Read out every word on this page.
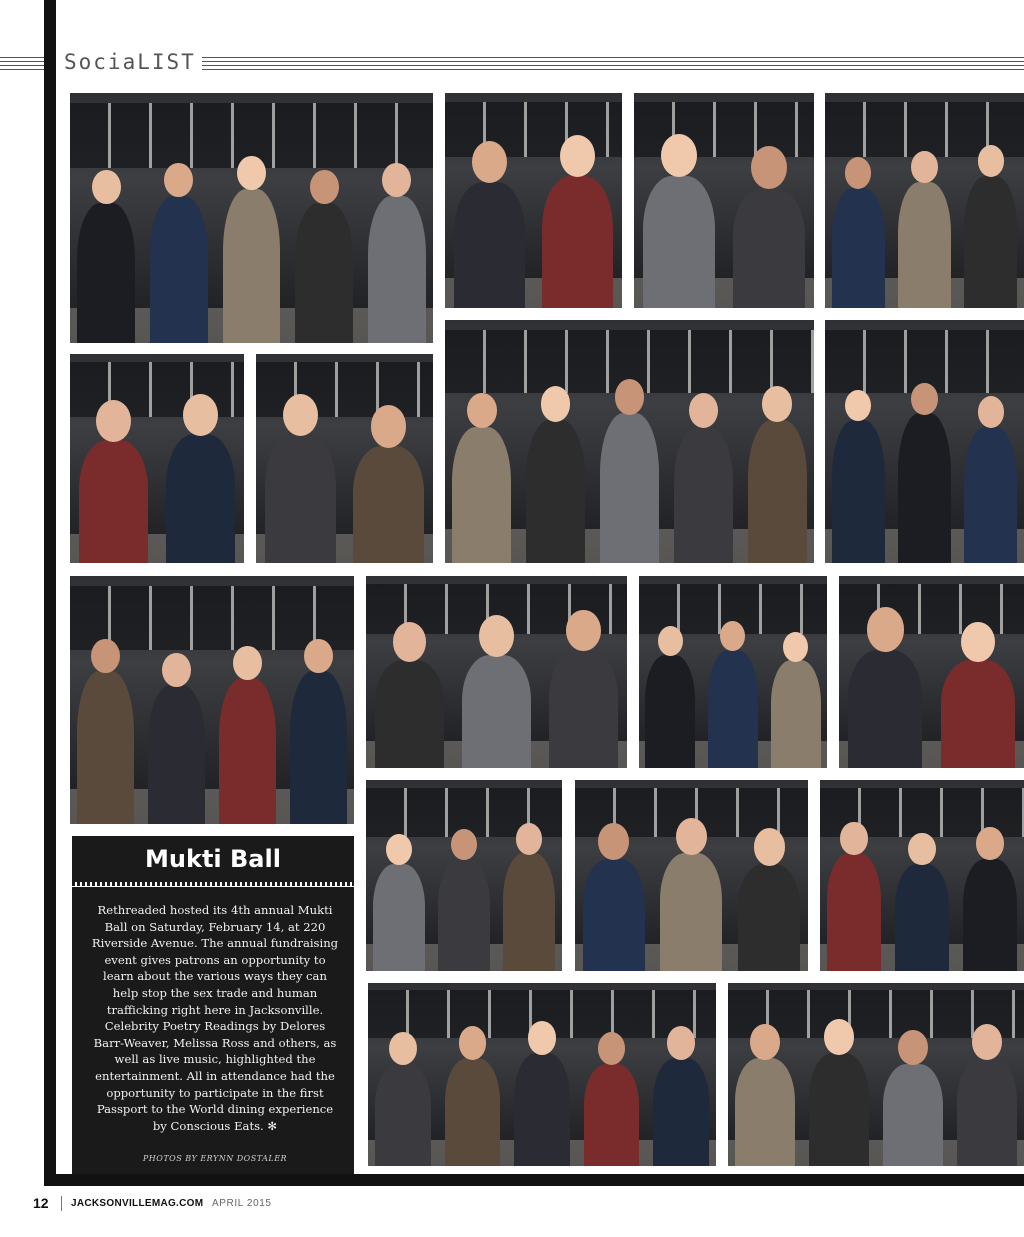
SociaLIST
Mukti Ball
Rethreaded hosted its 4th annual Mukti Ball on Saturday, February 14, at 220 Riverside Avenue. The annual fundraising event gives patrons an opportunity to learn about the various ways they can help stop the sex trade and human trafficking right here in Jacksonville. Celebrity Poetry Readings by Delores Barr-Weaver, Melissa Ross and others, as well as live music, highlighted the entertainment. All in attendance had the opportunity to participate in the first Passport to the World dining experience by Conscious Eats. ✻
PHOTOS BY ERYNN DOSTALER
12 JACKSONVILLEMAG.COM APRIL 2015
